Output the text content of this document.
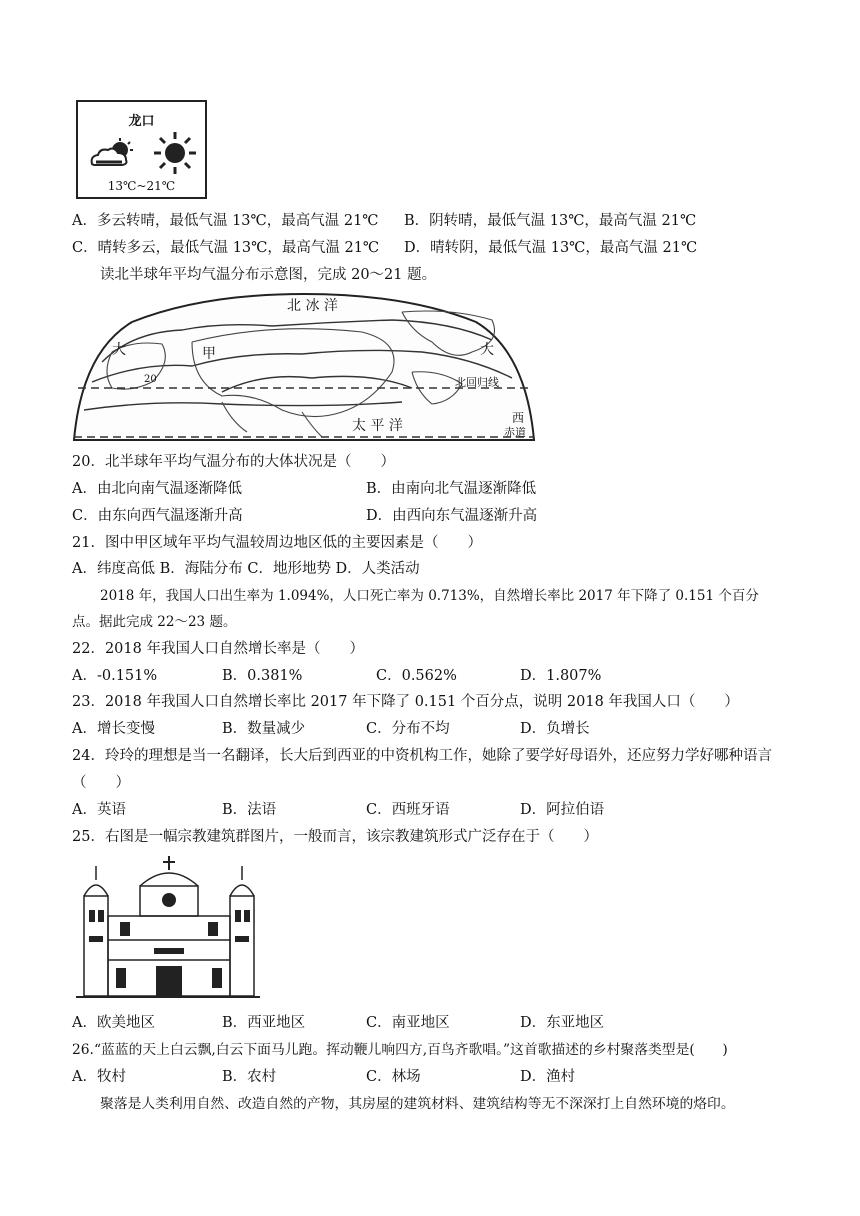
龙口
13℃~21℃
A．多云转晴，最低气温 13℃，最高气温 21℃ B．阴转晴，最低气温 13℃，最高气温 21℃
C．晴转多云，最低气温 13℃，最高气温 21℃ D．晴转阴，最低气温 13℃，最高气温 21℃
读北半球年平均气温分布示意图，完成 20～21 题。
北 冰 洋
大	大
甲
20	北回归线
太 平 洋	西
赤道
20．北半球年平均气温分布的大体状况是（　　）
A．由北向南气温逐渐降低	B．由南向北气温逐渐降低
C．由东向西气温逐渐升高	D．由西向东气温逐渐升高
21．图中甲区域年平均气温较周边地区低的主要因素是（　　）
A．纬度高低 B．海陆分布 C．地形地势 D．人类活动
2018 年，我国人口出生率为 1.094%，人口死亡率为 0.713%，自然增长率比 2017 年下降了 0.151 个百分
点。据此完成 22～23 题。
22．2018 年我国人口自然增长率是（　　）
A．-0.151%	B．0.381%	C．0.562%	D．1.807%
23．2018 年我国人口自然增长率比 2017 年下降了 0.151 个百分点，说明 2018 年我国人口（　　）
A．增长变慢	B．数量减少	C．分布不均	D．负增长
24．玲玲的理想是当一名翻译，长大后到西亚的中资机构工作，她除了要学好母语外，还应努力学好哪种语言
（　　）
A．英语	B．法语	C．西班牙语	D．阿拉伯语
25．右图是一幅宗教建筑群图片，一般而言，该宗教建筑形式广泛存在于（　　）
A．欧美地区	B．西亚地区	C．南亚地区	D．东亚地区
26.“蓝蓝的天上白云飘,白云下面马儿跑。挥动鞭儿响四方,百鸟齐歌唱。”这首歌描述的乡村聚落类型是(　　)
A．牧村	B．农村	C．林场	D．渔村
聚落是人类利用自然、改造自然的产物，其房屋的建筑材料、建筑结构等无不深深打上自然环境的烙印。
